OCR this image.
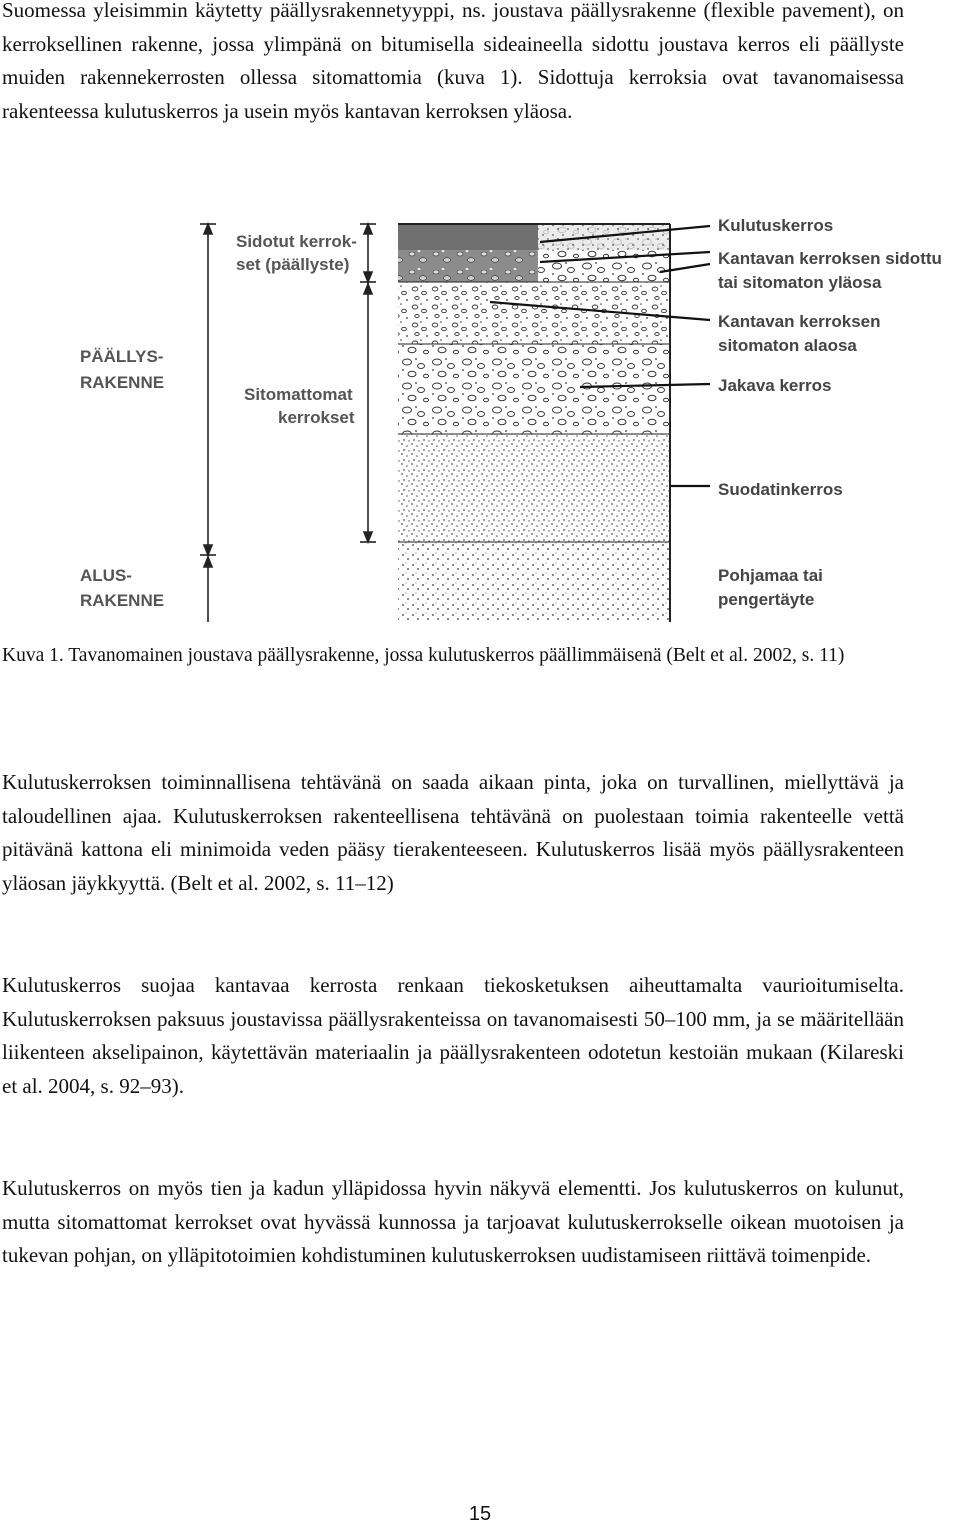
Suomessa yleisimmin käytetty päällysrakennetyyppi, ns. joustava päällysrakenne (flexible pavement), on kerroksellinen rakenne, jossa ylimpänä on bitumisella sideaineella sidottu joustava kerros eli päällyste muiden rakennekerrosten ollessa sitomattomia (kuva 1). Sidottuja kerroksia ovat tavanomaisessa rakenteessa kulutuskerros ja usein myös kantavan kerroksen yläosa.

PÄÄLLYS- RAKENNE
ALUS- RAKENNE
Sidotut kerrok- set (päällyste)
Sitomattomat kerrokset
Kulutuskerros
Kantavan kerroksen sidottu tai sitomaton yläosa
Kantavan kerroksen sitomaton alaosa
Jakava kerros
Suodatinkerros
Pohjamaa tai pengertäyte

Kuva 1. Tavanomainen joustava päällysrakenne, jossa kulutuskerros päällimmäisenä (Belt et al. 2002, s. 11)

Kulutuskerroksen toiminnallisena tehtävänä on saada aikaan pinta, joka on turvallinen, miellyttävä ja taloudellinen ajaa. Kulutuskerroksen rakenteellisena tehtävänä on puolestaan toimia rakenteelle vettä pitävänä kattona eli minimoida veden pääsy tierakenteeseen. Kulutuskerros lisää myös päällysrakenteen yläosan jäykkyyttä. (Belt et al. 2002, s. 11–12)

Kulutuskerros suojaa kantavaa kerrosta renkaan tiekosketuksen aiheuttamalta vaurioitumiselta. Kulutuskerroksen paksuus joustavissa päällysrakenteissa on tavanomaisesti 50–100 mm, ja se määritellään liikenteen akselipainon, käytettävän materiaalin ja päällysrakenteen odotetun kestoiän mukaan (Kilareski et al. 2004, s. 92–93).

Kulutuskerros on myös tien ja kadun ylläpidossa hyvin näkyvä elementti. Jos kulutuskerros on kulunut, mutta sitomattomat kerrokset ovat hyvässä kunnossa ja tarjoavat kulutuskerrokselle oikean muotoisen ja tukevan pohjan, on ylläpitotoimien kohdistuminen kulutuskerroksen uudistamiseen riittävä toimenpide.

15
